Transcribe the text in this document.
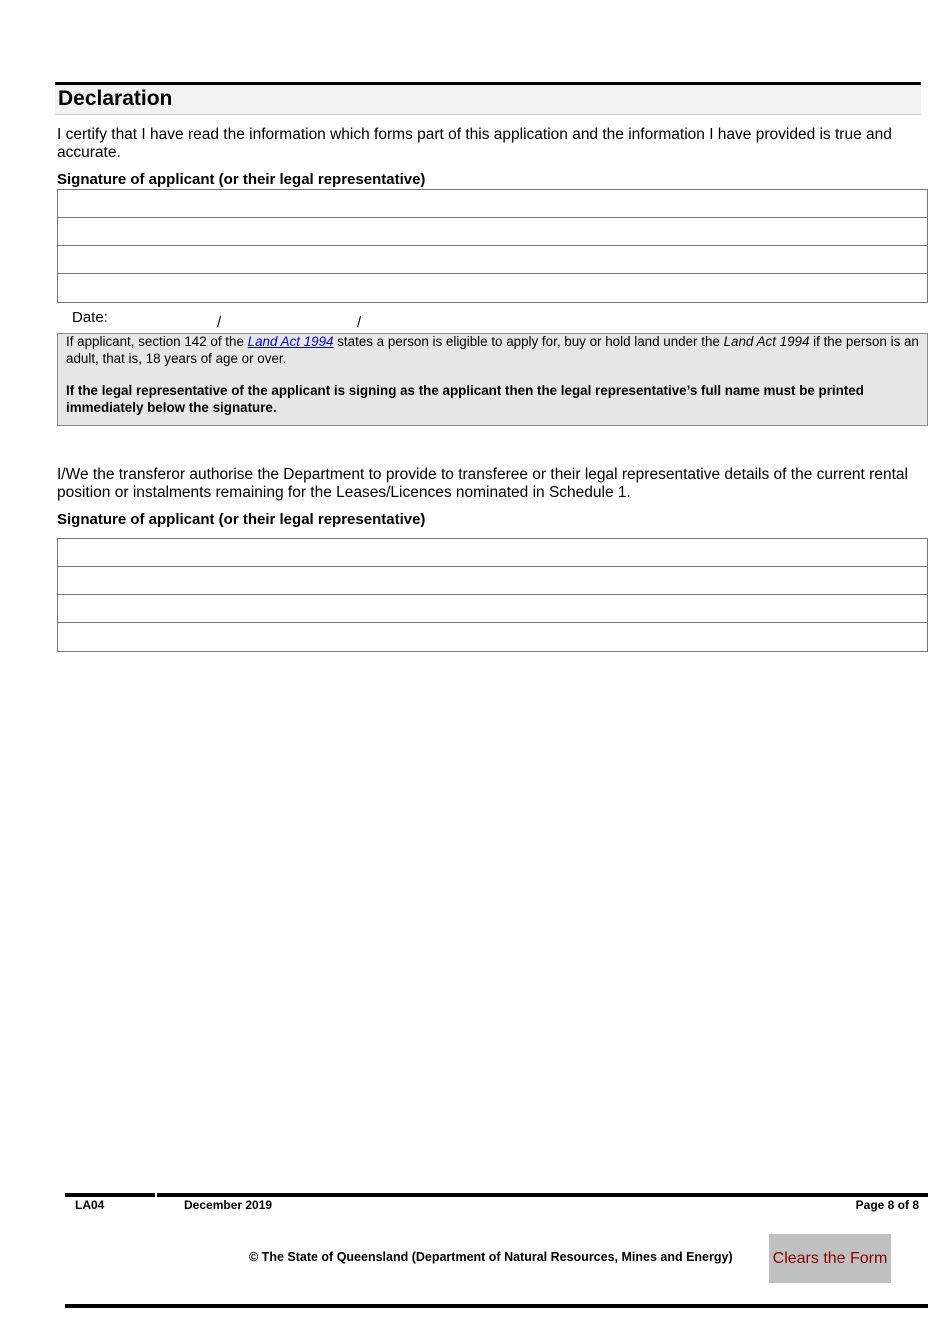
Declaration
I certify that I have read the information which forms part of this application and the information I have provided is true and accurate.
Signature of applicant (or their legal representative)
Date:	/	/

If applicant, section 142 of the Land Act 1994 states a person is eligible to apply for, buy or hold land under the Land Act 1994 if the person is an adult, that is, 18 years of age or over.

If the legal representative of the applicant is signing as the applicant then the legal representative’s full name must be printed immediately below the signature.

I/We the transferor authorise the Department to provide to transferee or their legal representative details of the current rental position or instalments remaining for the Leases/Licences nominated in Schedule 1.
Signature of applicant (or their legal representative)
LA04	December 2019	Page 8 of 8
© The State of Queensland (Department of Natural Resources, Mines and Energy)	Clears the Form
